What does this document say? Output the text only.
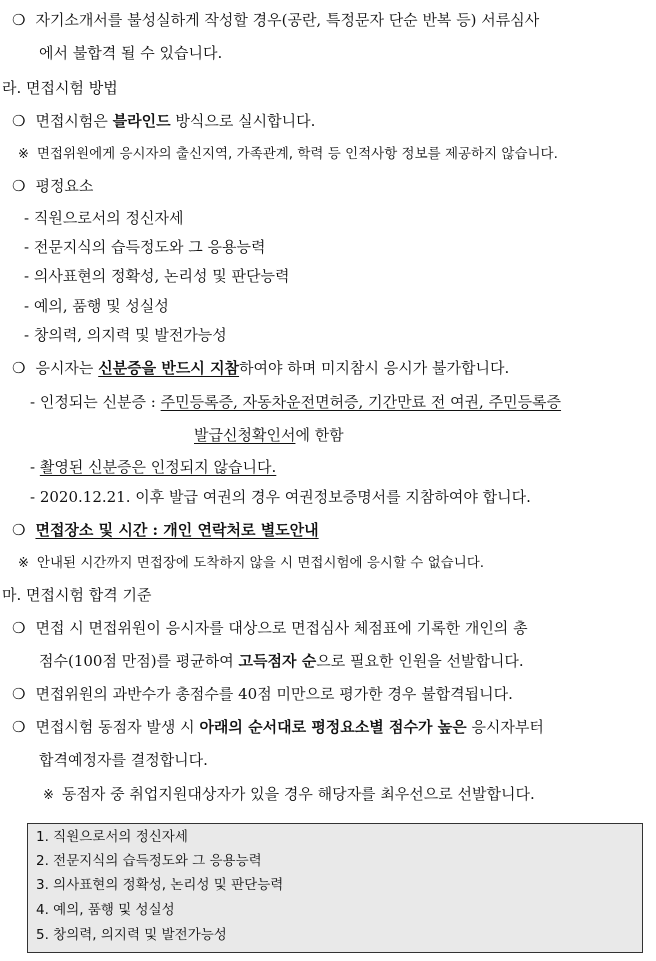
❍ 자기소개서를 불성실하게 작성할 경우(공란, 특정문자 단순 반복 등) 서류심사
에서 불합격 될 수 있습니다.
라. 면접시험 방법
❍ 면접시험은 블라인드 방식으로 실시합니다.
※ 면접위원에게 응시자의 출신지역, 가족관계, 학력 등 인적사항 정보를 제공하지 않습니다.
❍ 평정요소
- 직원으로서의 정신자세
- 전문지식의 습득정도와 그 응용능력
- 의사표현의 정확성, 논리성 및 판단능력
- 예의, 품행 및 성실성
- 창의력, 의지력 및 발전가능성
❍ 응시자는 신분증을 반드시 지참하여야 하며 미지참시 응시가 불가합니다.
- 인정되는 신분증 : 주민등록증, 자동차운전면허증, 기간만료 전 여권, 주민등록증
발급신청확인서에 한함
- 촬영된 신분증은 인정되지 않습니다.
- 2020.12.21. 이후 발급 여권의 경우 여권정보증명서를 지참하여야 합니다.
❍ 면접장소 및 시간 : 개인 연락처로 별도안내
※ 안내된 시간까지 면접장에 도착하지 않을 시 면접시험에 응시할 수 없습니다.
마. 면접시험 합격 기준
❍ 면접 시 면접위원이 응시자를 대상으로 면접심사 체점표에 기록한 개인의 총
점수(100점 만점)를 평균하여 고득점자 순으로 필요한 인원을 선발합니다.
❍ 면접위원의 과반수가 총점수를 40점 미만으로 평가한 경우 불합격됩니다.
❍ 면접시험 동점자 발생 시 아래의 순서대로 평정요소별 점수가 높은 응시자부터
합격예정자를 결정합니다.
※ 동점자 중 취업지원대상자가 있을 경우 해당자를 최우선으로 선발합니다.
1. 직원으로서의 정신자세
2. 전문지식의 습득정도와 그 응용능력
3. 의사표현의 정확성, 논리성 및 판단능력
4. 예의, 품행 및 성실성
5. 창의력, 의지력 및 발전가능성
